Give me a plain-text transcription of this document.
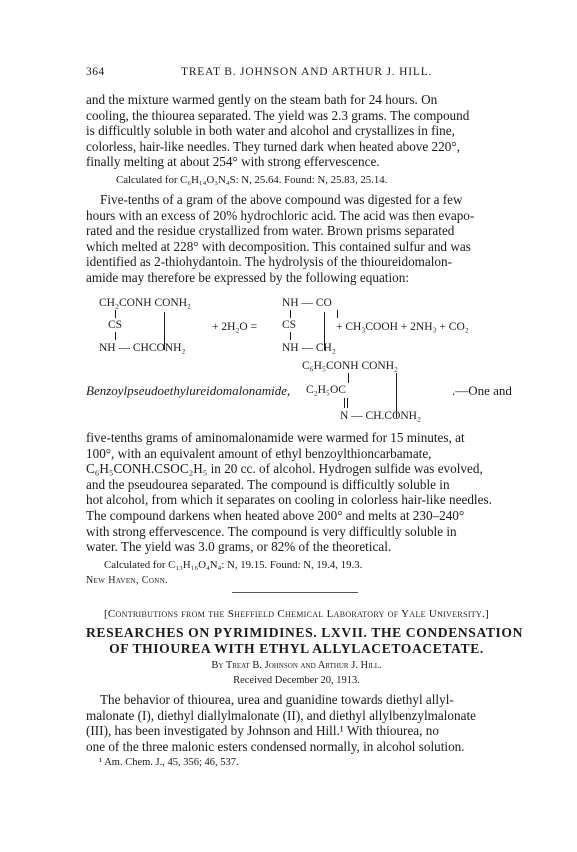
364	TREAT B. JOHNSON AND ARTHUR J. HILL.
and the mixture warmed gently on the steam bath for 24 hours. On
cooling, the thiourea separated. The yield was 2.3 grams. The compound
is difficultly soluble in both water and alcohol and crystallizes in fine,
colorless, hair-like needles. They turned dark when heated above 220°,
finally melting at about 254° with strong effervescence.
Calculated for C₆H₁₄O₃N₄S: N, 25.64. Found: N, 25.83, 25.14.
Five-tenths of a gram of the above compound was digested for a few
hours with an excess of 20% hydrochloric acid. The acid was then evapo-
rated and the residue crystallized from water. Brown prisms separated
which melted at 228° with decomposition. This contained sulfur and was
identified as 2-thiohydantoin. The hydrolysis of the thioureidomalon-
amide may therefore be expressed by the following equation:
CH₂CONH CONH₂
CS
NH — CHCONH₂
+ 2H₂O =
NH — CO
CS
NH — CH₂
+ CH₃COOH + 2NH₃ + CO₂
C₆H₅CONH CONH₂
Benzoylpseudoethylureidomalonamide, C₂H₅OC
N — CH.CONH₂
.—One and
five-tenths grams of aminomalonamide were warmed for 15 minutes, at
100°, with an equivalent amount of ethyl benzoylthioncarbamate,
C₆H₅CONH.CSOC₂H₅ in 20 cc. of alcohol. Hydrogen sulfide was evolved,
and the pseudourea separated. The compound is difficultly soluble in
hot alcohol, from which it separates on cooling in colorless hair-like needles.
The compound darkens when heated above 200° and melts at 230–240°
with strong effervescence. The compound is very difficultly soluble in
water. The yield was 3.0 grams, or 82% of the theoretical.
Calculated for C₁₃H₁₆O₄N₄: N, 19.15. Found: N, 19.4, 19.3.
New Haven, Conn.
[Contributions from the Sheffield Chemical Laboratory of Yale University.]
RESEARCHES ON PYRIMIDINES. LXVII. THE CONDENSATION
OF THIOUREA WITH ETHYL ALLYLACETOACETATE.
By Treat B. Johnson and Arthur J. Hill.
Received December 20, 1913.
The behavior of thiourea, urea and guanidine towards diethyl allyl-
malonate (I), diethyl diallylmalonate (II), and diethyl allylbenzylmalonate
(III), has been investigated by Johnson and Hill.¹ With thiourea, no
one of the three malonic esters condensed normally, in alcohol solution.
¹ Am. Chem. J., 45, 356; 46, 537.
